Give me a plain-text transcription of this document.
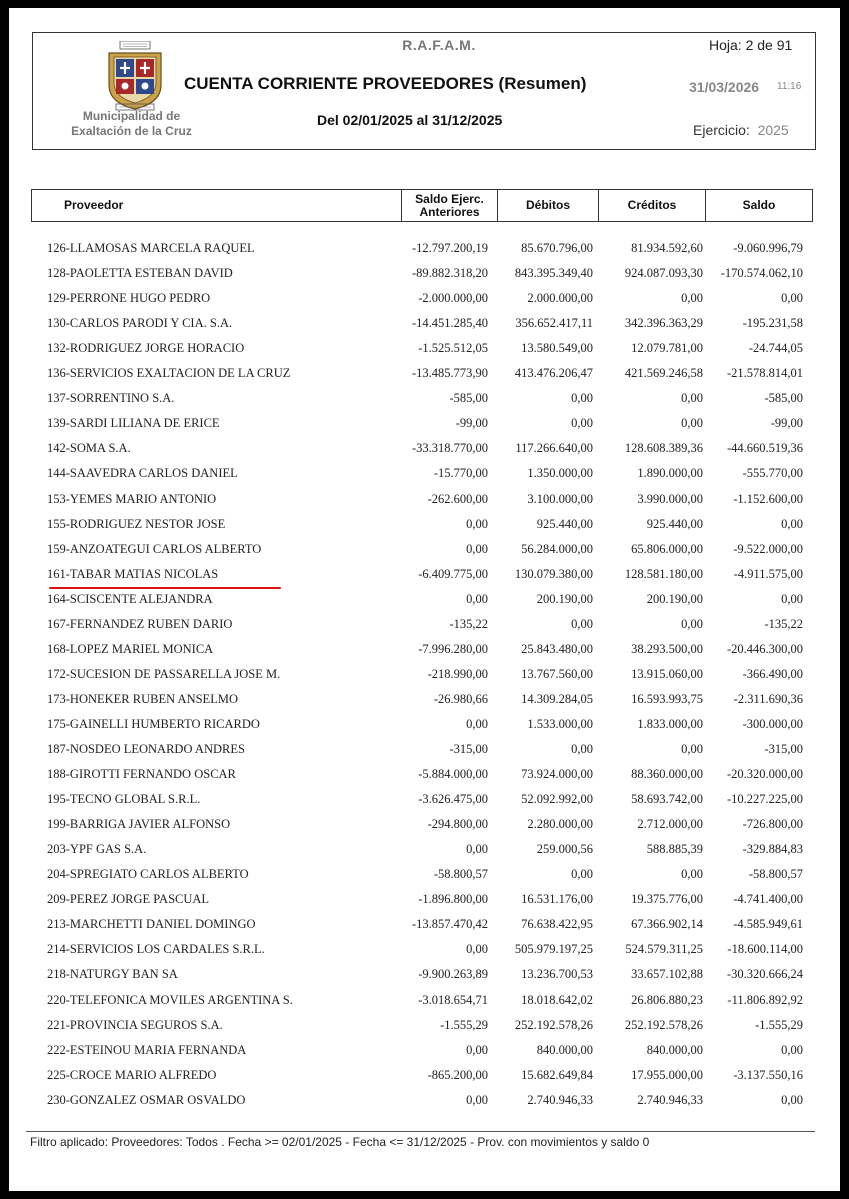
Municipalidad de
Exaltación de la Cruz
R.A.F.A.M.	Hoja: 2 de 91
CUENTA CORRIENTE PROVEEDORES (Resumen)	31/03/2026 11:16
Del 02/01/2025 al 31/12/2025
Ejercicio: 2025
Proveedor	Saldo Ejerc. Anteriores	Débitos	Créditos	Saldo
126-LLAMOSAS MARCELA RAQUEL	-12.797.200,19	85.670.796,00	81.934.592,60 -9.060.996,79
128-PAOLETTA ESTEBAN DAVID	-89.882.318,20 843.395.349,40	924.087.093,30 -170.574.062,10
129-PERRONE HUGO PEDRO	-2.000.000,00	2.000.000,00	0,00	0,00
130-CARLOS PARODI Y CIA. S.A.	-14.451.285,40 356.652.417,11	342.396.363,29	-195.231,58
132-RODRIGUEZ JORGE HORACIO	-1.525.512,05	13.580.549,00	12.079.781,00	-24.744,05
136-SERVICIOS EXALTACION DE LA CRUZ	-13.485.773,90 413.476.206,47	421.569.246,58 -21.578.814,01
137-SORRENTINO S.A.	-585,00	0,00	0,00	-585,00
139-SARDI LILIANA DE ERICE	-99,00	0,00	0,00	-99,00
142-SOMA S.A.	-33.318.770,00 117.266.640,00	128.608.389,36 -44.660.519,36
144-SAAVEDRA CARLOS DANIEL	-15.770,00	1.350.000,00	1.890.000,00	-555.770,00
153-YEMES MARIO ANTONIO	-262.600,00	3.100.000,00	3.990.000,00 -1.152.600,00
155-RODRIGUEZ NESTOR JOSE	0,00	925.440,00	925.440,00	0,00
159-ANZOATEGUI CARLOS ALBERTO	0,00	56.284.000,00	65.806.000,00 -9.522.000,00
161-TABAR MATIAS NICOLAS	-6.409.775,00 130.079.380,00	128.581.180,00 -4.911.575,00
164-SCISCENTE ALEJANDRA	0,00	200.190,00	200.190,00	0,00
167-FERNANDEZ RUBEN DARIO	-135,22	0,00	0,00	-135,22
168-LOPEZ MARIEL MONICA	-7.996.280,00	25.843.480,00	38.293.500,00 -20.446.300,00
172-SUCESION DE PASSARELLA JOSE M.	-218.990,00	13.767.560,00	13.915.060,00	-366.490,00
173-HONEKER RUBEN ANSELMO	-26.980,66	14.309.284,05	16.593.993,75 -2.311.690,36
175-GAINELLI HUMBERTO RICARDO	0,00	1.533.000,00	1.833.000,00	-300.000,00
187-NOSDEO LEONARDO ANDRES	-315,00	0,00	0,00	-315,00
188-GIROTTI FERNANDO OSCAR	-5.884.000,00	73.924.000,00	88.360.000,00 -20.320.000,00
195-TECNO GLOBAL S.R.L.	-3.626.475,00	52.092.992,00	58.693.742,00 -10.227.225,00
199-BARRIGA JAVIER ALFONSO	-294.800,00	2.280.000,00	2.712.000,00	-726.800,00
203-YPF GAS S.A.	0,00	259.000,56	588.885,39	-329.884,83
204-SPREGIATO CARLOS ALBERTO	-58.800,57	0,00	0,00	-58.800,57
209-PEREZ JORGE PASCUAL	-1.896.800,00	16.531.176,00	19.375.776,00 -4.741.400,00
213-MARCHETTI DANIEL DOMINGO	-13.857.470,42	76.638.422,95	67.366.902,14 -4.585.949,61
214-SERVICIOS LOS CARDALES S.R.L.	0,00 505.979.197,25	524.579.311,25 -18.600.114,00
218-NATURGY BAN SA	-9.900.263,89	13.236.700,53	33.657.102,88 -30.320.666,24
220-TELEFONICA MOVILES ARGENTINA S.	-3.018.654,71	18.018.642,02	26.806.880,23 -11.806.892,92
221-PROVINCIA SEGUROS S.A.	-1.555,29 252.192.578,26	252.192.578,26	-1.555,29
222-ESTEINOU MARIA FERNANDA	0,00	840.000,00	840.000,00	0,00
225-CROCE MARIO ALFREDO	-865.200,00	15.682.649,84	17.955.000,00 -3.137.550,16
230-GONZALEZ OSMAR OSVALDO	0,00	2.740.946,33	2.740.946,33	0,00
Filtro aplicado: Proveedores: Todos . Fecha >= 02/01/2025 - Fecha <= 31/12/2025 - Prov. con movimientos y saldo 0
